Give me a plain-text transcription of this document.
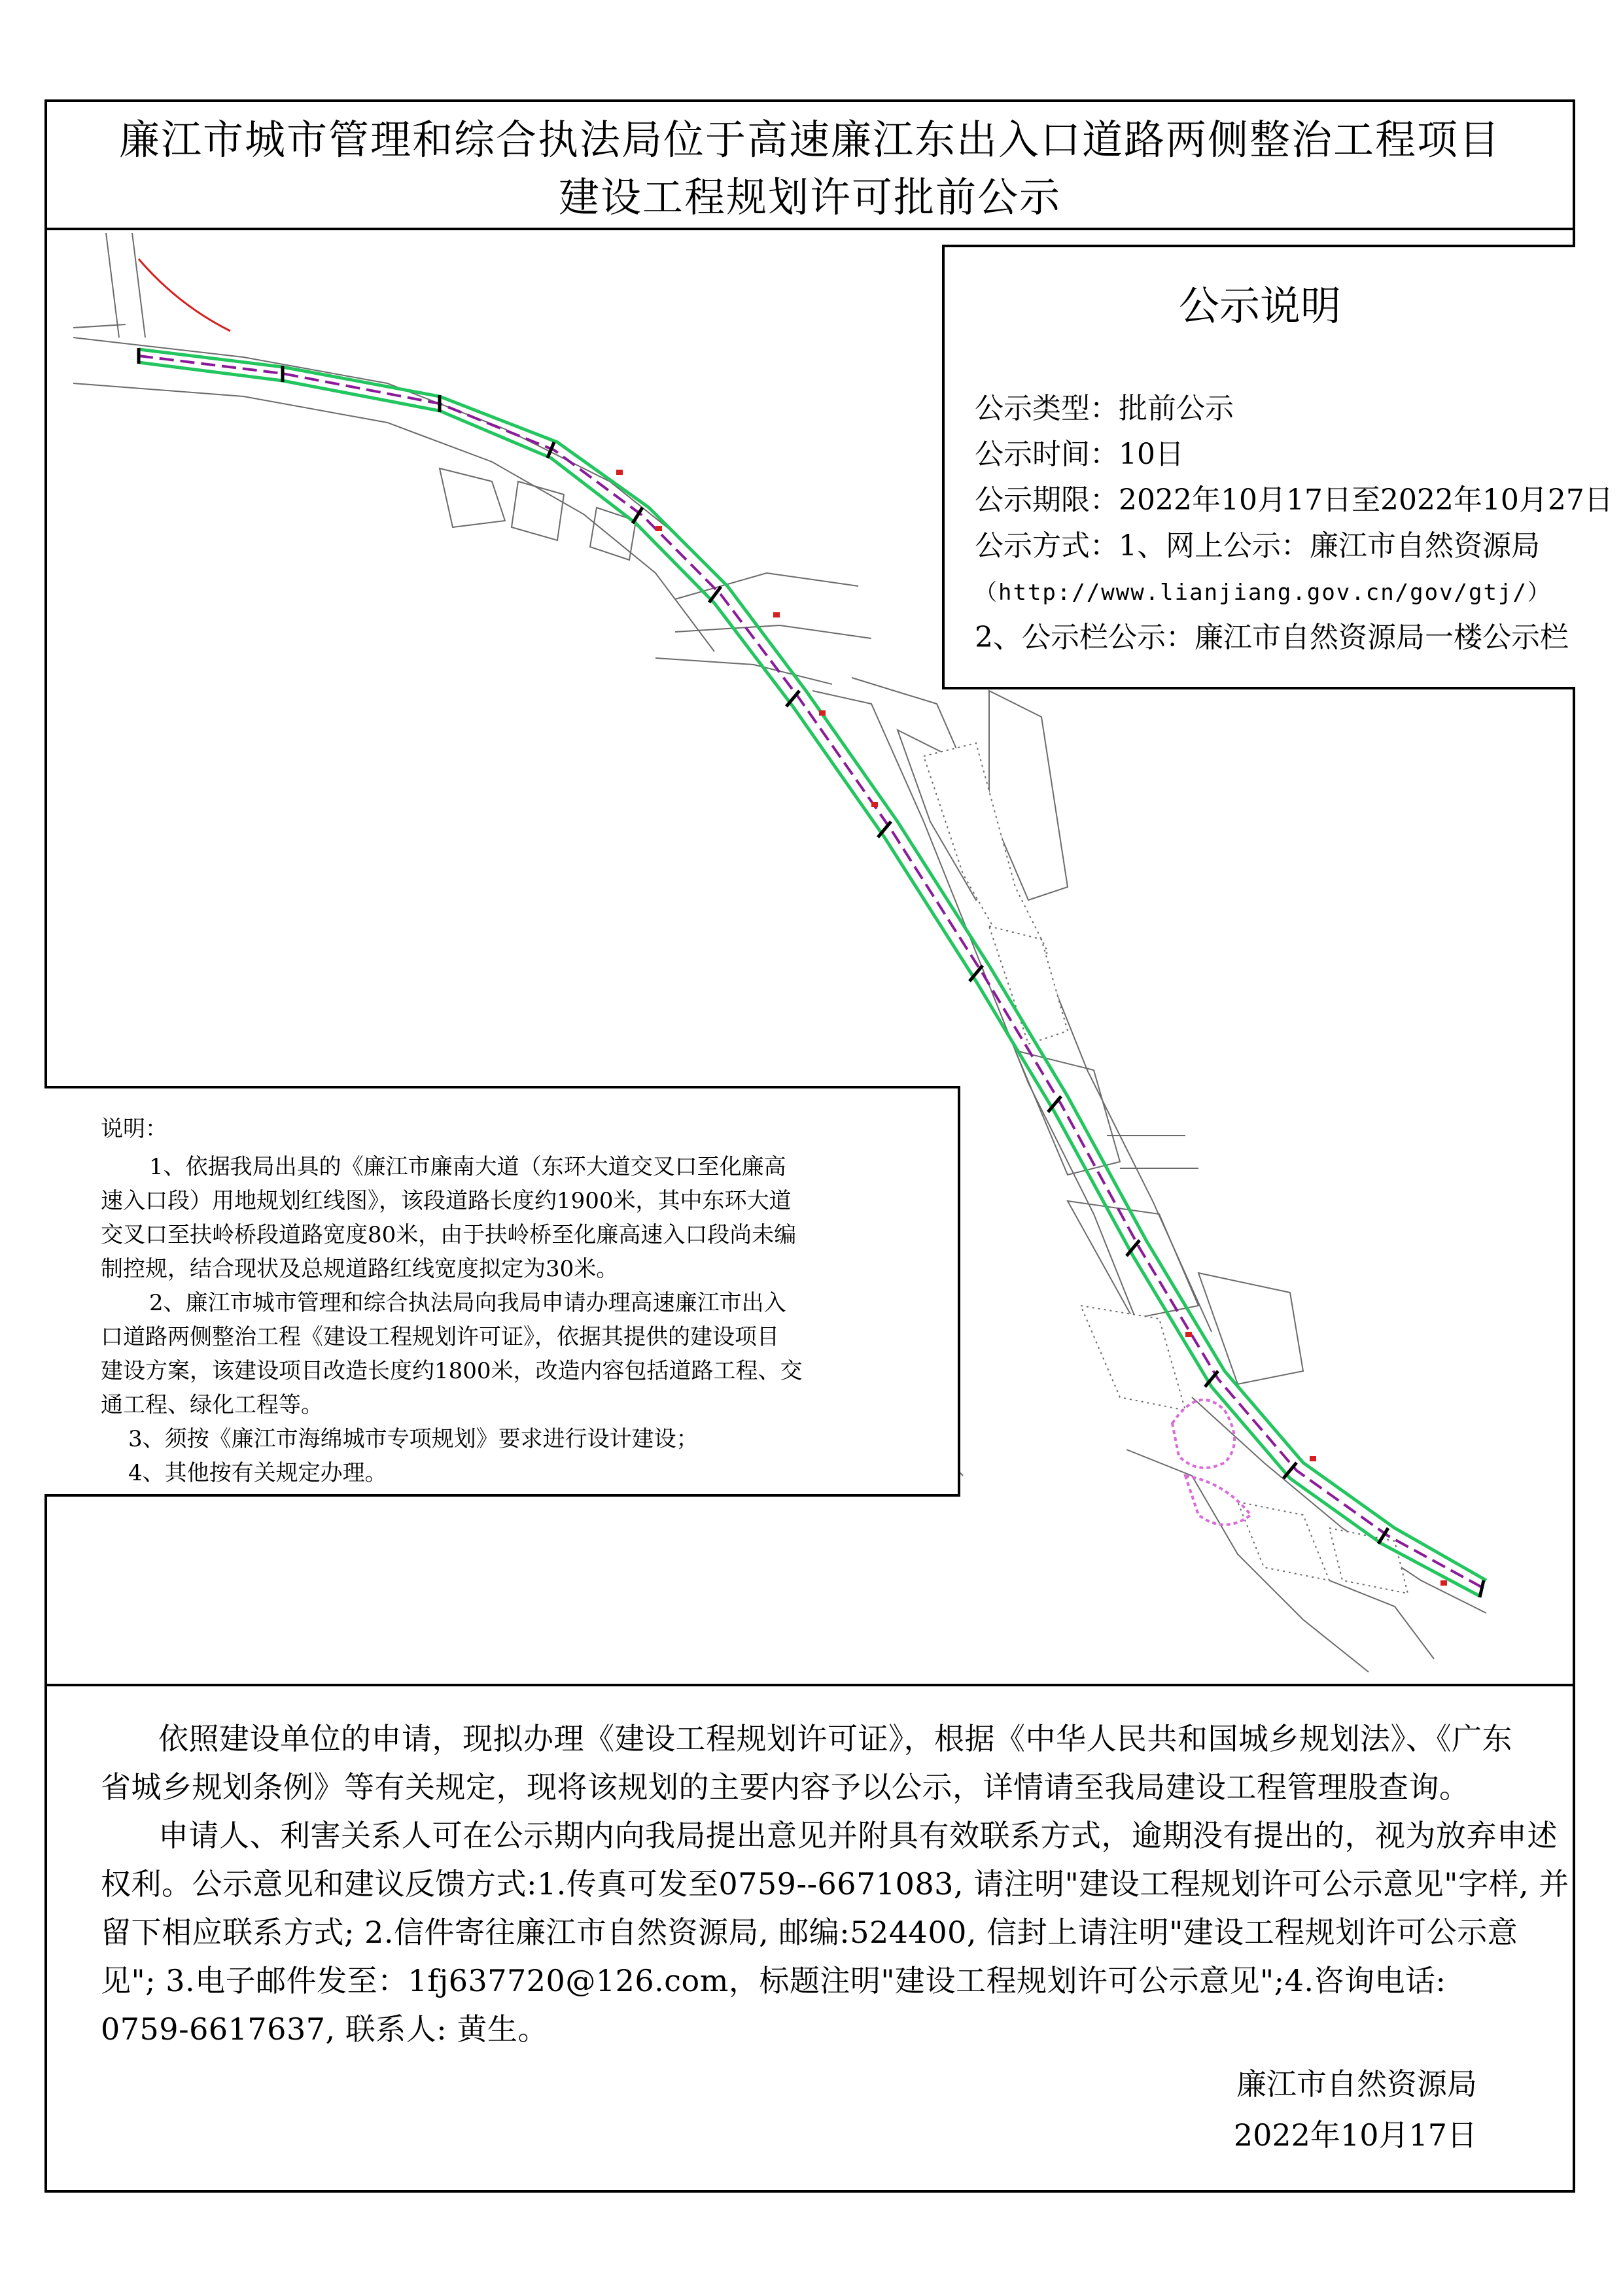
廉江市城市管理和综合执法局位于高速廉江东出入口道路两侧整治工程项目
建设工程规划许可批前公示
公示说明
公示类型：批前公示
公示时间：10日
公示期限：2022年10月17日至2022年10月27日
公示方式：1、网上公示：廉江市自然资源局
（http://www.lianjiang.gov.cn/gov/gtj/）
2、公示栏公示：廉江市自然资源局一楼公示栏
说明：
1、依据我局出具的《廉江市廉南大道（东环大道交叉口至化廉高
速入口段）用地规划红线图》，该段道路长度约1900米，其中东环大道
交叉口至扶岭桥段道路宽度80米，由于扶岭桥至化廉高速入口段尚未编
制控规，结合现状及总规道路红线宽度拟定为30米。
2、廉江市城市管理和综合执法局向我局申请办理高速廉江市出入
口道路两侧整治工程《建设工程规划许可证》，依据其提供的建设项目
建设方案，该建设项目改造长度约1800米，改造内容包括道路工程、交
通工程、绿化工程等。
3、须按《廉江市海绵城市专项规划》要求进行设计建设；
4、其他按有关规定办理。
依照建设单位的申请，现拟办理《建设工程规划许可证》，根据《中华人民共和国城乡规划法》、《广东
省城乡规划条例》等有关规定，现将该规划的主要内容予以公示，详情请至我局建设工程管理股查询。
申请人、利害关系人可在公示期内向我局提出意见并附具有效联系方式，逾期没有提出的，视为放弃申述
权利。公示意见和建议反馈方式:1.传真可发至0759--6671083, 请注明"建设工程规划许可公示意见"字样, 并
留下相应联系方式; 2.信件寄往廉江市自然资源局, 邮编:524400, 信封上请注明"建设工程规划许可公示意
见"; 3.电子邮件发至：1fj637720@126.com，标题注明"建设工程规划许可公示意见";4.咨询电话:
0759-6617637, 联系人: 黄生。
廉江市自然资源局
2022年10月17日
